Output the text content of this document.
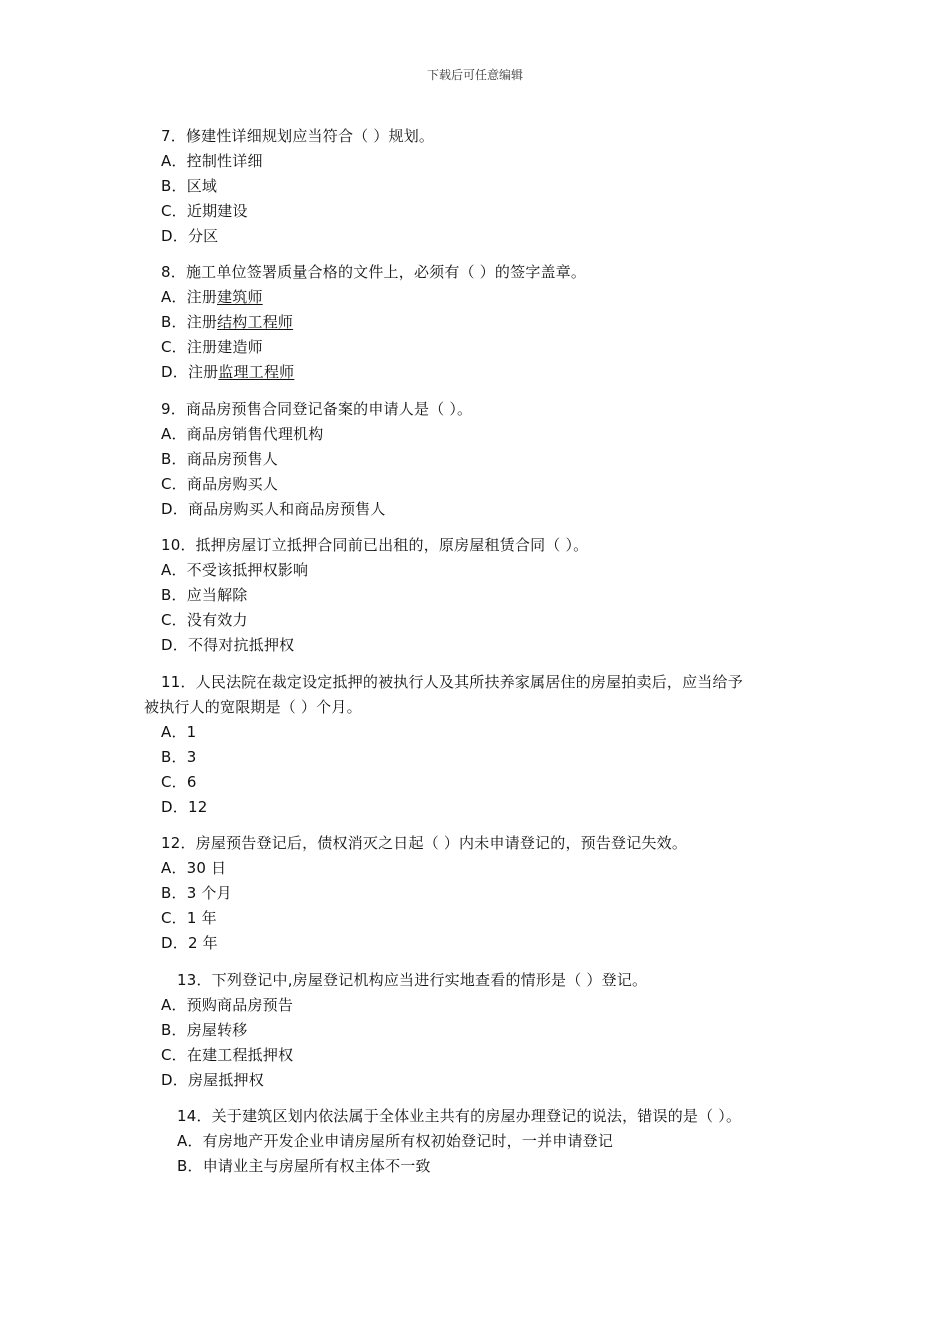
下载后可任意编辑
7．修建性详细规划应当符合（ ）规划。
A．控制性详细
B．区域
C．近期建设
D．分区
8．施工单位签署质量合格的文件上，必须有（ ）的签字盖章。
A．注册建筑师
B．注册结构工程师
C．注册建造师
D．注册监理工程师
9．商品房预售合同登记备案的申请人是（ ）。
A．商品房销售代理机构
B．商品房预售人
C．商品房购买人
D．商品房购买人和商品房预售人
10．抵押房屋订立抵押合同前已出租的，原房屋租赁合同（ ）。
A．不受该抵押权影响
B．应当解除
C．没有效力
D．不得对抗抵押权
11．人民法院在裁定设定抵押的被执行人及其所扶养家属居住的房屋拍卖后，应当给予
被执行人的宽限期是（ ）个月。
A．1
B．3
C．6
D．12
12．房屋预告登记后，债权消灭之日起（ ）内未申请登记的，预告登记失效。
A．30 日
B．3 个月
C．1 年
D．2 年
13．下列登记中,房屋登记机构应当进行实地查看的情形是（ ）登记。
A．预购商品房预告
B．房屋转移
C．在建工程抵押权
D．房屋抵押权
14．关于建筑区划内依法属于全体业主共有的房屋办理登记的说法，错误的是（ ）。
A．有房地产开发企业申请房屋所有权初始登记时，一并申请登记
B．申请业主与房屋所有权主体不一致
